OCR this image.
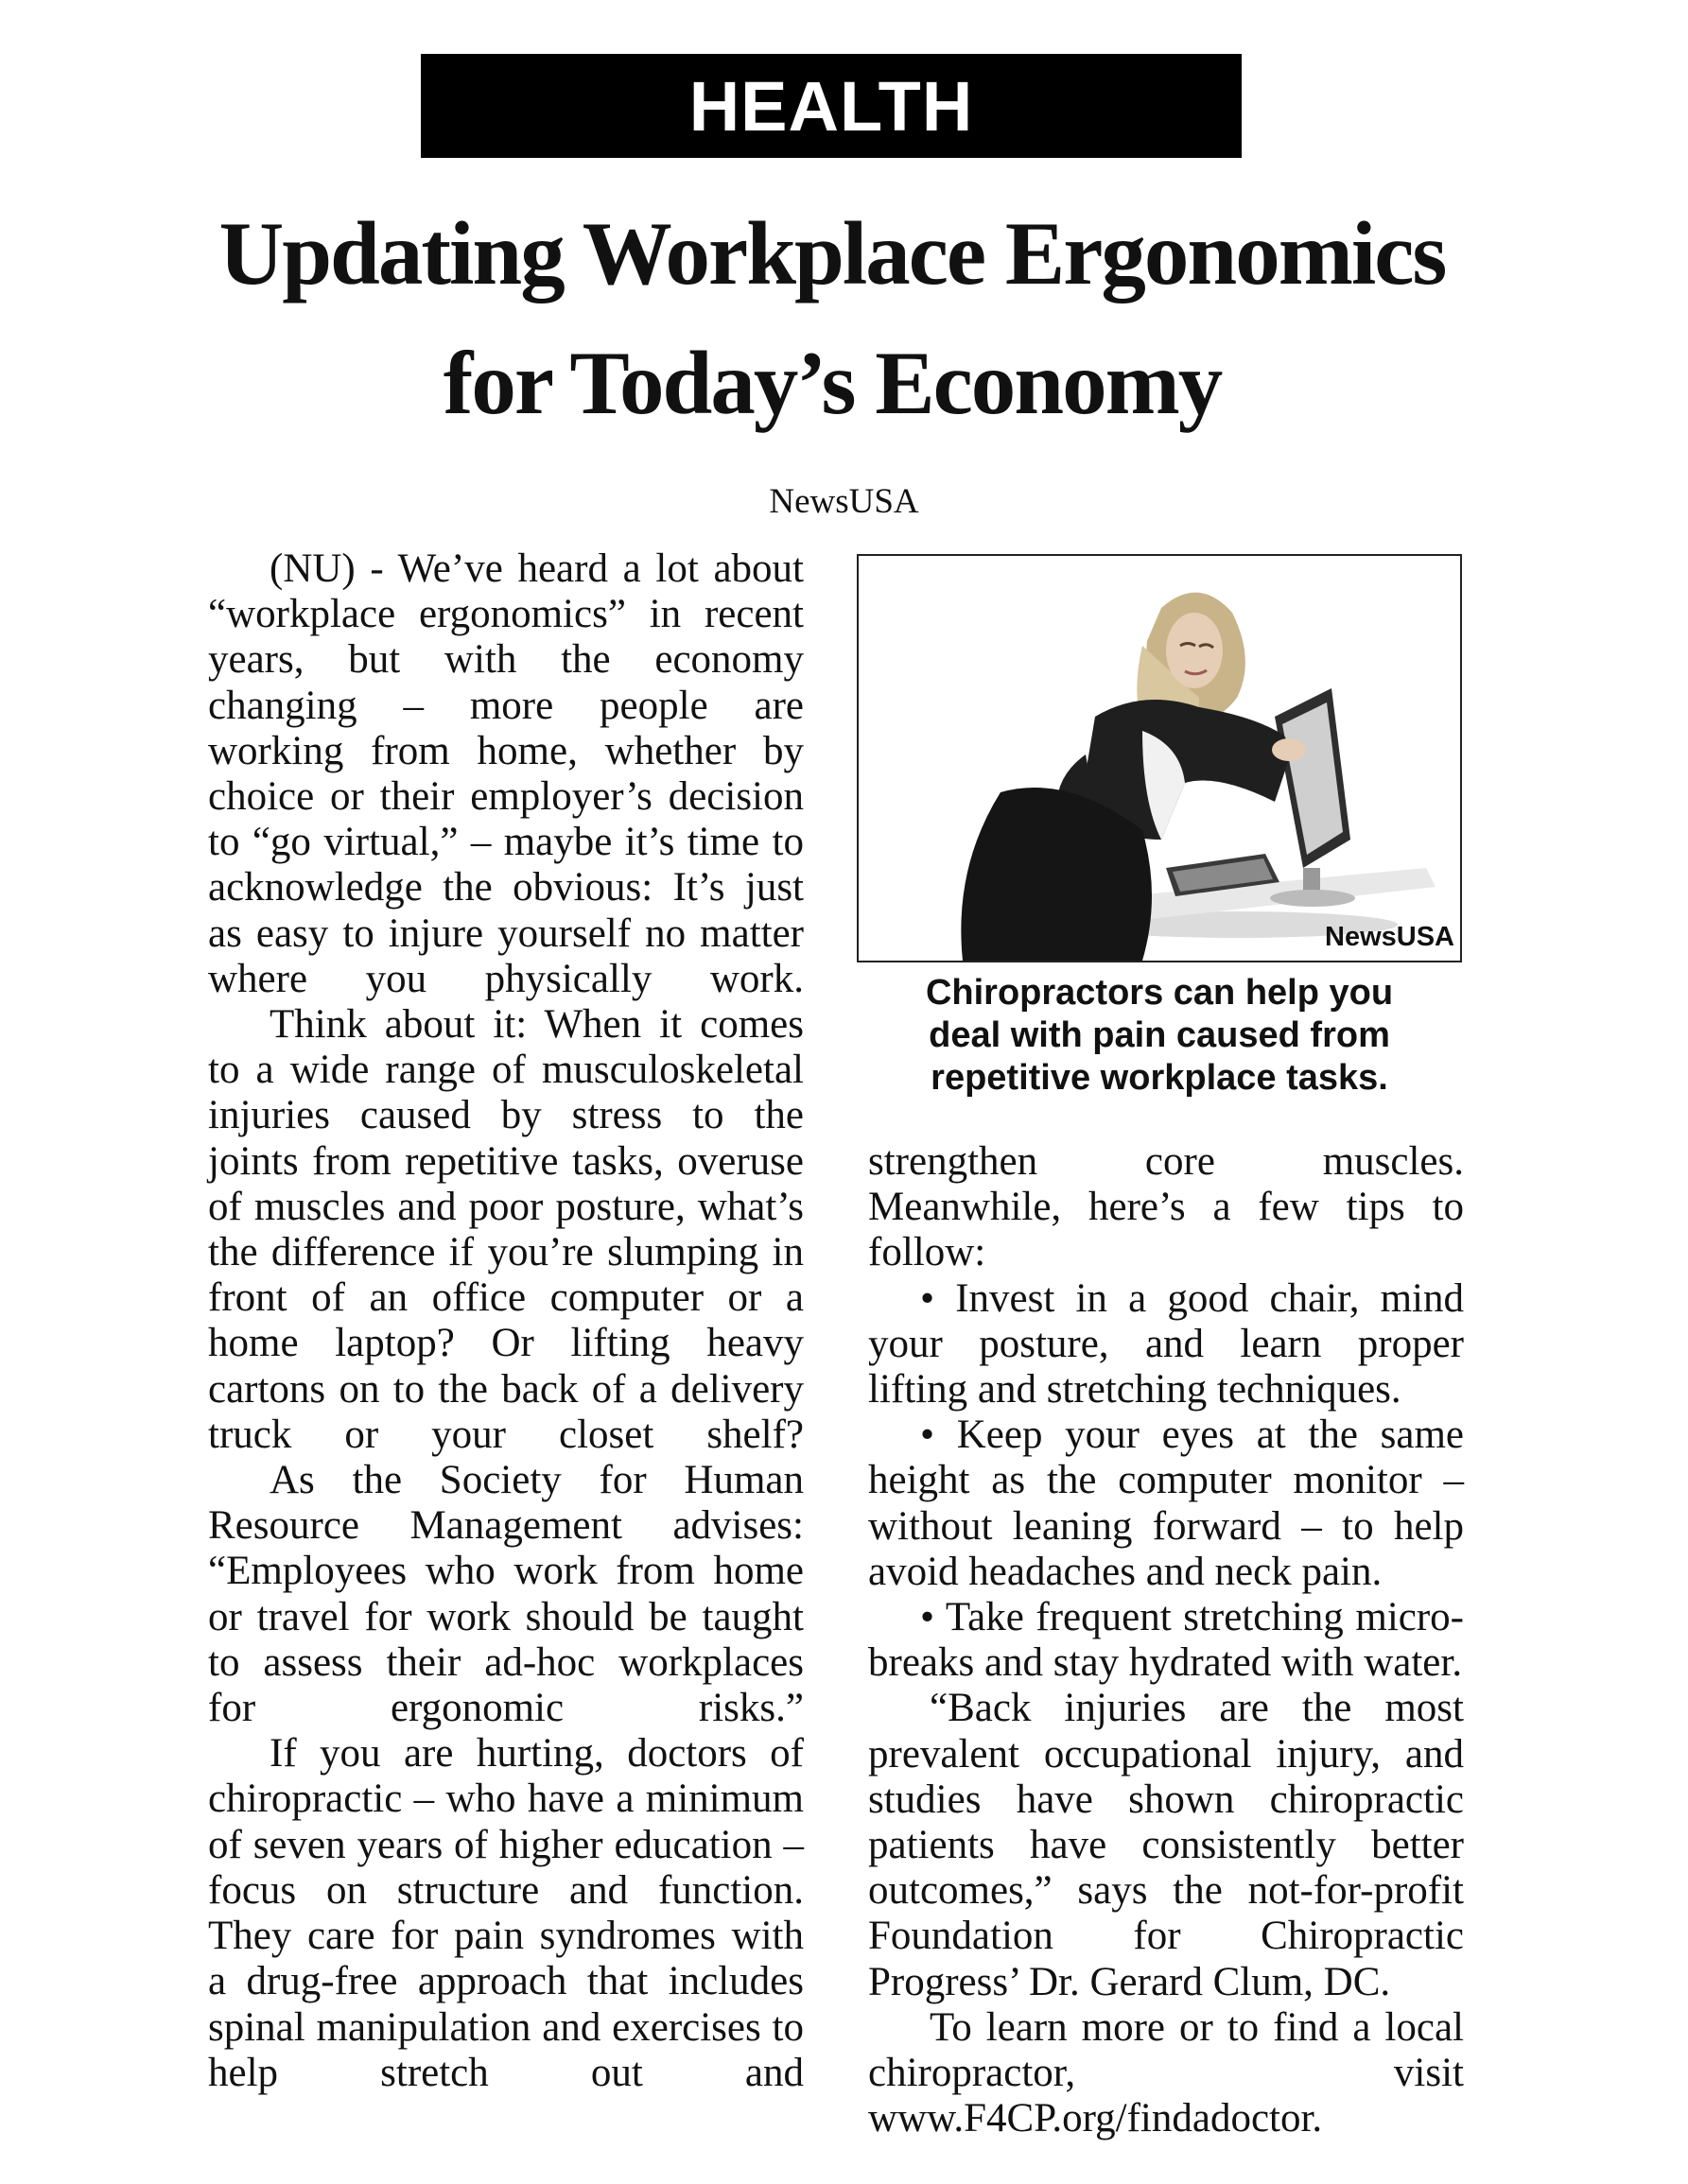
HEALTH
Updating Workplace Ergonomics
for Today’s Economy
NewsUSA

(NU) - We’ve heard a lot about “workplace ergonomics” in recent years, but with the economy changing – more people are working from home, whether by choice or their employer’s decision to “go virtual,” – maybe it’s time to acknowledge the obvious: It’s just as easy to injure yourself no matter where you physically work.

Think about it: When it comes to a wide range of musculoskeletal injuries caused by stress to the joints from repetitive tasks, overuse of muscles and poor posture, what’s the difference if you’re slumping in front of an office computer or a home laptop? Or lifting heavy cartons on to the back of a delivery truck or your closet shelf?

As the Society for Human Resource Management advises: “Employees who work from home or travel for work should be taught to assess their ad-hoc workplaces for ergonomic risks.”

If you are hurting, doctors of chiropractic – who have a minimum of seven years of higher education – focus on structure and function. They care for pain syndromes with a drug-free approach that includes spinal manipulation and exercises to help stretch out and

NewsUSA

Chiropractors can help you
deal with pain caused from
repetitive workplace tasks.

strengthen core muscles. Meanwhile, here’s a few tips to follow:

• Invest in a good chair, mind your posture, and learn proper lifting and stretching techniques.

• Keep your eyes at the same height as the computer monitor – without leaning forward – to help avoid headaches and neck pain.

• Take frequent stretching micro-breaks and stay hydrated with water.

“Back injuries are the most prevalent occupational injury, and studies have shown chiropractic patients have consistently better outcomes,” says the not-for-profit Foundation for Chiropractic Progress’ Dr. Gerard Clum, DC.

To learn more or to find a local chiropractor, visit www.F4CP.org/findadoctor.
